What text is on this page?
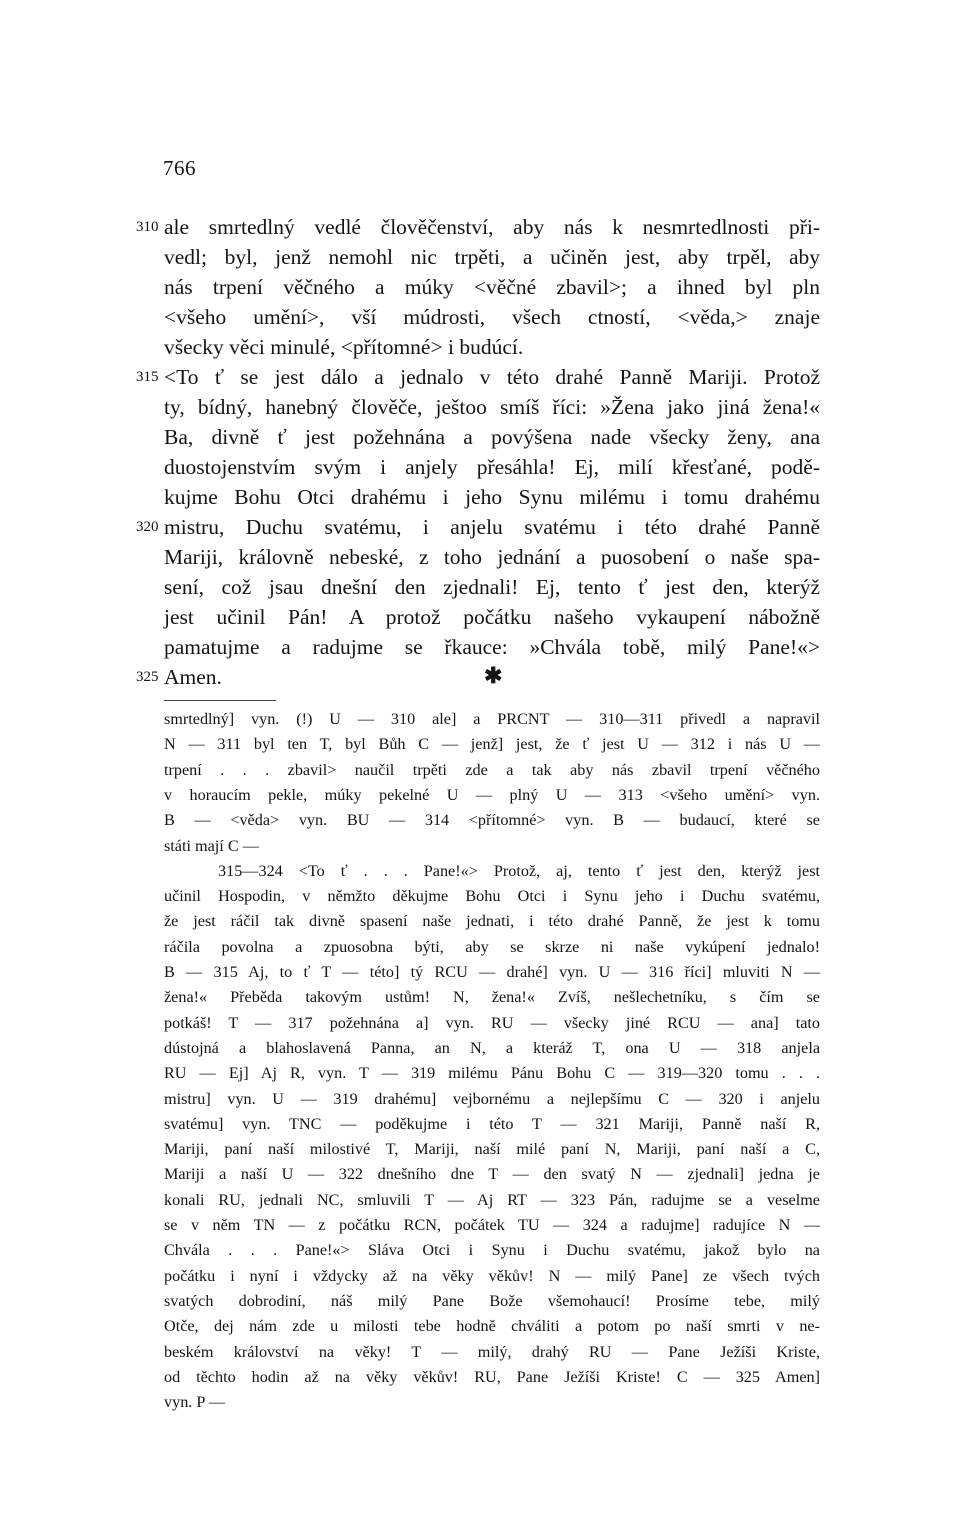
766
310 ale smrtedlný vedlé člověčenství, aby nás k nesmrtedlnosti při-
vedl; byl, jenž nemohl nic trpěti, a učiněn jest, aby trpěl, aby
nás trpení věčného a múky <věčné zbavil>; a ihned byl pln
<všeho umění>, vší múdrosti, všech ctností, <věda,> znaje
všecky věci minulé, <přítomné> i budúcí.
315 <To ť se jest dálo a jednalo v této drahé Panně Mariji. Protož
ty, bídný, hanebný člověče, ještoo smíš říci: »Žena jako jiná žena!«
Ba, divně ť jest požehnána a povýšena nade všecky ženy, ana
duostojenstvím svým i anjely přesáhla! Ej, milí křesťané, podě-
kujme Bohu Otci drahému i jeho Synu milému i tomu drahému
320 mistru, Duchu svatému, i anjelu svatému i této drahé Panně
Mariji, královně nebeské, z toho jednání a puosobení o naše spa-
sení, což jsau dnešní den zjednali! Ej, tento ť jest den, kterýž
jest učinil Pán! A protož počátku našeho vykaupení nábožně
pamatujme a radujme se řkauce: »Chvála tobě, milý Pane!«>
325 Amen.	✱
smrtedlný] vyn. (!) U — 310 ale] a PRCNT — 310—311 přivedl a napravil
N — 311 byl ten T, byl Bůh C — jenž] jest, že ť jest U — 312 i nás U —
trpení . . . zbavil> naučil trpěti zde a tak aby nás zbavil trpení věčného
v horaucím pekle, múky pekelné U — plný U — 313 <všeho umění> vyn.
B — <věda> vyn. BU — 314 <přítomné> vyn. B — budaucí, které se
státi mají C —
315—324 <To ť . . . Pane!«> Protož, aj, tento ť jest den, kterýž jest
učinil Hospodin, v němžto děkujme Bohu Otci i Synu jeho i Duchu svatému,
že jest ráčil tak divně spasení naše jednati, i této drahé Panně, že jest k tomu
ráčila povolna a zpuosobna býti, aby se skrze ni naše vykúpení jednalo!
B — 315 Aj, to ť T — této] tý RCU — drahé] vyn. U — 316 říci] mluviti N —
žena!« Přeběda takovým ustům! N, žena!« Zvíš, nešlechetníku, s čím se
potkáš! T — 317 požehnána a] vyn. RU — všecky jiné RCU — ana] tato
dústojná a blahoslavená Panna, an N, a kteráž T, ona U — 318 anjela
RU — Ej] Aj R, vyn. T — 319 milému Pánu Bohu C — 319—320 tomu . . .
mistru] vyn. U — 319 drahému] vejbornému a nejlepšímu C — 320 i anjelu
svatému] vyn. TNC — poděkujme i této T — 321 Mariji, Panně naší R,
Mariji, paní naší milostivé T, Mariji, naší milé paní N, Mariji, paní naší a C,
Mariji a naší U — 322 dnešního dne T — den svatý N — zjednali] jedna je
konali RU, jednali NC, smluvili T — Aj RT — 323 Pán, radujme se a veselme
se v něm TN — z počátku RCN, počátek TU — 324 a radujme] radujíce N —
Chvála . . . Pane!«> Sláva Otci i Synu i Duchu svatému, jakož bylo na
počátku i nyní i vždycky až na věky věkův! N — milý Pane] ze všech tvých
svatých dobrodiní, náš milý Pane Bože všemohaucí! Prosíme tebe, milý
Otče, dej nám zde u milosti tebe hodně chváliti a potom po naší smrti v ne-
beském království na věky! T — milý, drahý RU — Pane Ježíši Kriste,
od těchto hodin až na věky věkův! RU, Pane Ježíši Kriste! C — 325 Amen]
vyn. P —
